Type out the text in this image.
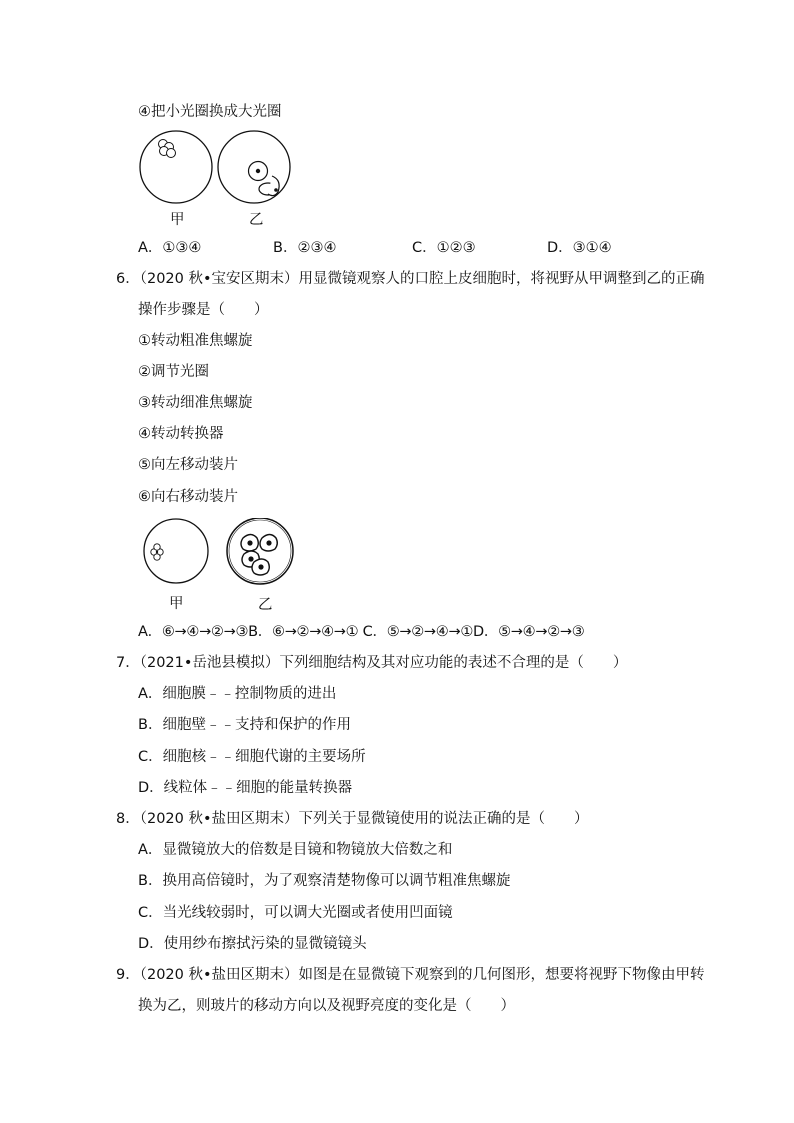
④把小光圈换成大光圈
甲	乙
A．①③④	B．②③④	C．①②③	D．③①④
6．（2020 秋•宝安区期末）用显微镜观察人的口腔上皮细胞时，将视野从甲调整到乙的正确
操作步骤是（　　）
①转动粗准焦螺旋
②调节光圈
③转动细准焦螺旋
④转动转换器
⑤向左移动装片
⑥向右移动装片
甲	乙
A．⑥→④→②→③B．⑥→②→④→① C．⑤→②→④→①D．⑤→④→②→③
7．（2021•岳池县模拟）下列细胞结构及其对应功能的表述不合理的是（　　）
A．细胞膜﹣﹣控制物质的进出
B．细胞壁﹣﹣支持和保护的作用
C．细胞核﹣﹣细胞代谢的主要场所
D．线粒体﹣﹣细胞的能量转换器
8．（2020 秋•盐田区期末）下列关于显微镜使用的说法正确的是（　　）
A．显微镜放大的倍数是目镜和物镜放大倍数之和
B．换用高倍镜时，为了观察清楚物像可以调节粗准焦螺旋
C．当光线较弱时，可以调大光圈或者使用凹面镜
D．使用纱布擦拭污染的显微镜镜头
9．（2020 秋•盐田区期末）如图是在显微镜下观察到的几何图形，想要将视野下物像由甲转
换为乙，则玻片的移动方向以及视野亮度的变化是（　　）
